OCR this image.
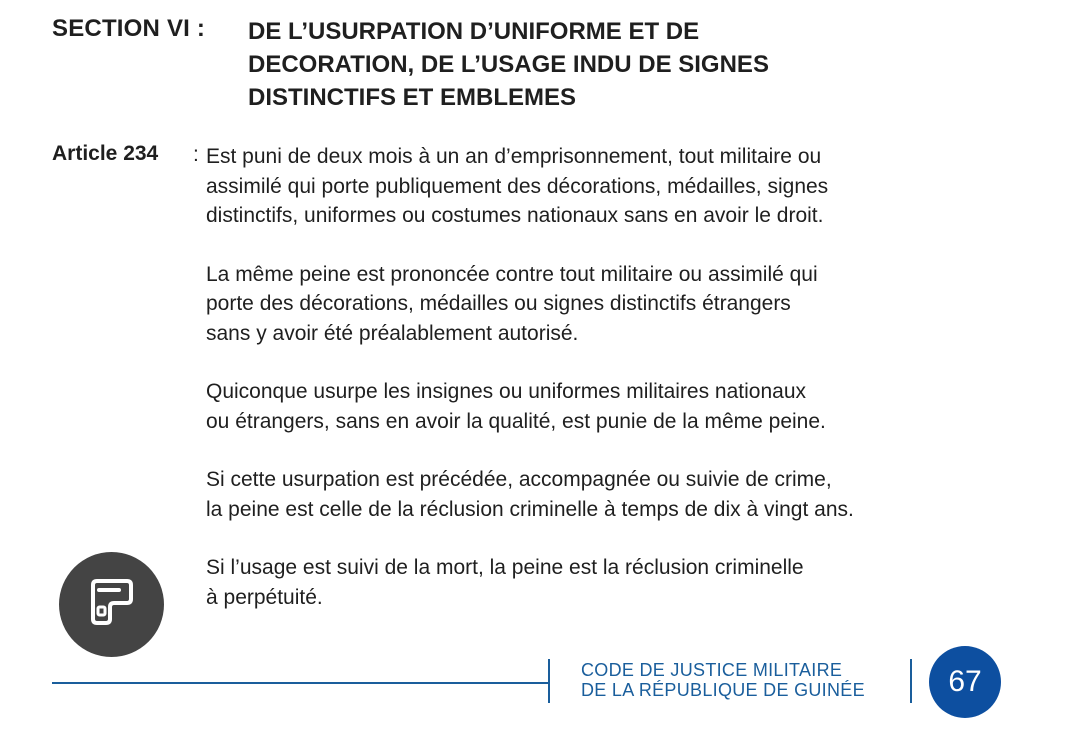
SECTION VI : DE L’USURPATION D’UNIFORME ET DE
DECORATION, DE L’USAGE INDU DE SIGNES
DISTINCTIFS ET EMBLEMES
Article 234 : Est puni de deux mois à un an d’emprisonnement, tout militaire ou
assimilé qui porte publiquement des décorations, médailles, signes
distinctifs, uniformes ou costumes nationaux sans en avoir le droit.

La même peine est prononcée contre tout militaire ou assimilé qui
porte des décorations, médailles ou signes distinctifs étrangers
sans y avoir été préalablement autorisé.

Quiconque usurpe les insignes ou uniformes militaires nationaux
ou étrangers, sans en avoir la qualité, est punie de la même peine.

Si cette usurpation est précédée, accompagnée ou suivie de crime,
la peine est celle de la réclusion criminelle à temps de dix à vingt ans.

Si l’usage est suivi de la mort, la peine est la réclusion criminelle
à perpétuité.

CODE DE JUSTICE MILITAIRE
DE LA RÉPUBLIQUE DE GUINÉE	67
